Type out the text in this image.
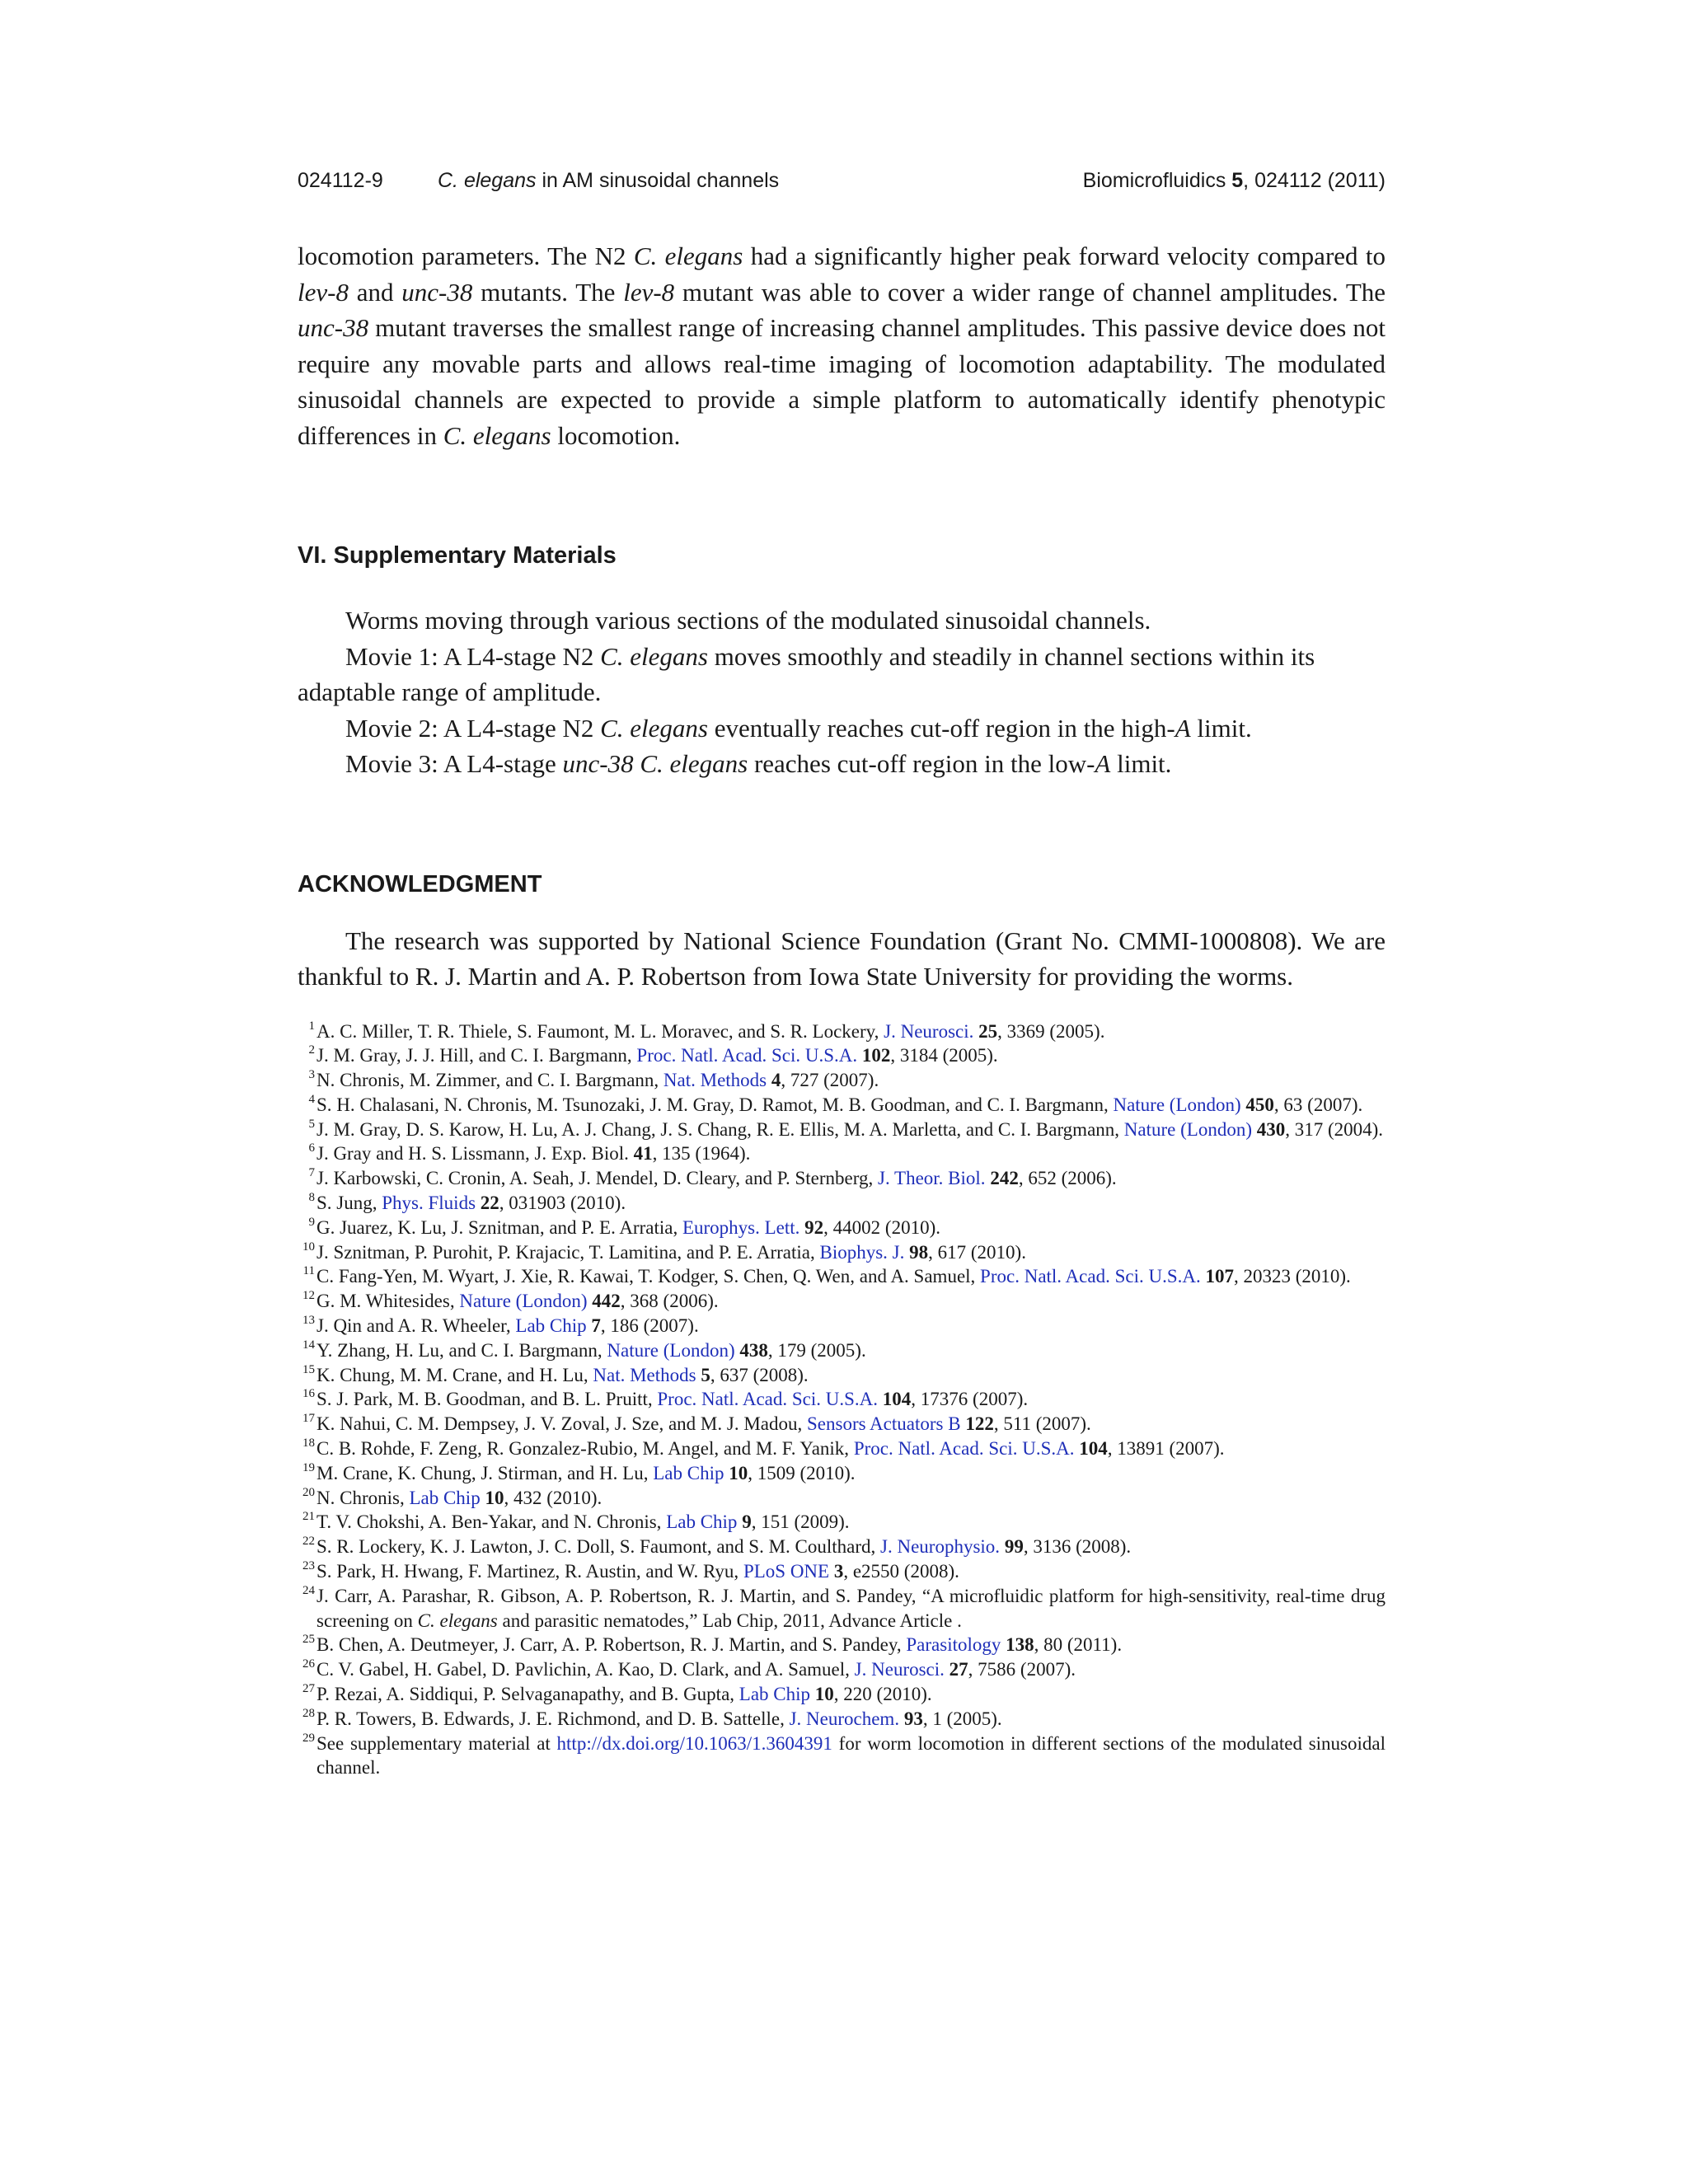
024112-9	C. elegans in AM sinusoidal channels	Biomicrofluidics 5, 024112 (2011)

locomotion parameters. The N2 C. elegans had a significantly higher peak forward velocity compared to lev-8 and unc-38 mutants. The lev-8 mutant was able to cover a wider range of channel amplitudes. The unc-38 mutant traverses the smallest range of increasing channel amplitudes. This passive device does not require any movable parts and allows real-time imaging of locomotion adaptability. The modulated sinusoidal channels are expected to provide a simple platform to automatically identify phenotypic differences in C. elegans locomotion.

VI. Supplementary Materials

Worms moving through various sections of the modulated sinusoidal channels.

Movie 1: A L4-stage N2 C. elegans moves smoothly and steadily in channel sections within its adaptable range of amplitude.

Movie 2: A L4-stage N2 C. elegans eventually reaches cut-off region in the high-A limit.

Movie 3: A L4-stage unc-38 C. elegans reaches cut-off region in the low-A limit.

ACKNOWLEDGMENT

The research was supported by National Science Foundation (Grant No. CMMI-1000808). We are thankful to R. J. Martin and A. P. Robertson from Iowa State University for providing the worms.

1 A. C. Miller, T. R. Thiele, S. Faumont, M. L. Moravec, and S. R. Lockery, J. Neurosci. 25, 3369 (2005).
2 J. M. Gray, J. J. Hill, and C. I. Bargmann, Proc. Natl. Acad. Sci. U.S.A. 102, 3184 (2005).
3 N. Chronis, M. Zimmer, and C. I. Bargmann, Nat. Methods 4, 727 (2007).
4 S. H. Chalasani, N. Chronis, M. Tsunozaki, J. M. Gray, D. Ramot, M. B. Goodman, and C. I. Bargmann, Nature (London) 450, 63 (2007).
5 J. M. Gray, D. S. Karow, H. Lu, A. J. Chang, J. S. Chang, R. E. Ellis, M. A. Marletta, and C. I. Bargmann, Nature (London) 430, 317 (2004).
6 J. Gray and H. S. Lissmann, J. Exp. Biol. 41, 135 (1964).
7 J. Karbowski, C. Cronin, A. Seah, J. Mendel, D. Cleary, and P. Sternberg, J. Theor. Biol. 242, 652 (2006).
8 S. Jung, Phys. Fluids 22, 031903 (2010).
9 G. Juarez, K. Lu, J. Sznitman, and P. E. Arratia, Europhys. Lett. 92, 44002 (2010).
10 J. Sznitman, P. Purohit, P. Krajacic, T. Lamitina, and P. E. Arratia, Biophys. J. 98, 617 (2010).
11 C. Fang-Yen, M. Wyart, J. Xie, R. Kawai, T. Kodger, S. Chen, Q. Wen, and A. Samuel, Proc. Natl. Acad. Sci. U.S.A. 107, 20323 (2010).
12 G. M. Whitesides, Nature (London) 442, 368 (2006).
13 J. Qin and A. R. Wheeler, Lab Chip 7, 186 (2007).
14 Y. Zhang, H. Lu, and C. I. Bargmann, Nature (London) 438, 179 (2005).
15 K. Chung, M. M. Crane, and H. Lu, Nat. Methods 5, 637 (2008).
16 S. J. Park, M. B. Goodman, and B. L. Pruitt, Proc. Natl. Acad. Sci. U.S.A. 104, 17376 (2007).
17 K. Nahui, C. M. Dempsey, J. V. Zoval, J. Sze, and M. J. Madou, Sensors Actuators B 122, 511 (2007).
18 C. B. Rohde, F. Zeng, R. Gonzalez-Rubio, M. Angel, and M. F. Yanik, Proc. Natl. Acad. Sci. U.S.A. 104, 13891 (2007).
19 M. Crane, K. Chung, J. Stirman, and H. Lu, Lab Chip 10, 1509 (2010).
20 N. Chronis, Lab Chip 10, 432 (2010).
21 T. V. Chokshi, A. Ben-Yakar, and N. Chronis, Lab Chip 9, 151 (2009).
22 S. R. Lockery, K. J. Lawton, J. C. Doll, S. Faumont, and S. M. Coulthard, J. Neurophysio. 99, 3136 (2008).
23 S. Park, H. Hwang, F. Martinez, R. Austin, and W. Ryu, PLoS ONE 3, e2550 (2008).
24 J. Carr, A. Parashar, R. Gibson, A. P. Robertson, R. J. Martin, and S. Pandey, “A microfluidic platform for high-sensitivity, real-time drug screening on C. elegans and parasitic nematodes,” Lab Chip, 2011, Advance Article .
25 B. Chen, A. Deutmeyer, J. Carr, A. P. Robertson, R. J. Martin, and S. Pandey, Parasitology 138, 80 (2011).
26 C. V. Gabel, H. Gabel, D. Pavlichin, A. Kao, D. Clark, and A. Samuel, J. Neurosci. 27, 7586 (2007).
27 P. Rezai, A. Siddiqui, P. Selvaganapathy, and B. Gupta, Lab Chip 10, 220 (2010).
28 P. R. Towers, B. Edwards, J. E. Richmond, and D. B. Sattelle, J. Neurochem. 93, 1 (2005).
29 See supplementary material at http://dx.doi.org/10.1063/1.3604391 for worm locomotion in different sections of the modulated sinusoidal channel.
